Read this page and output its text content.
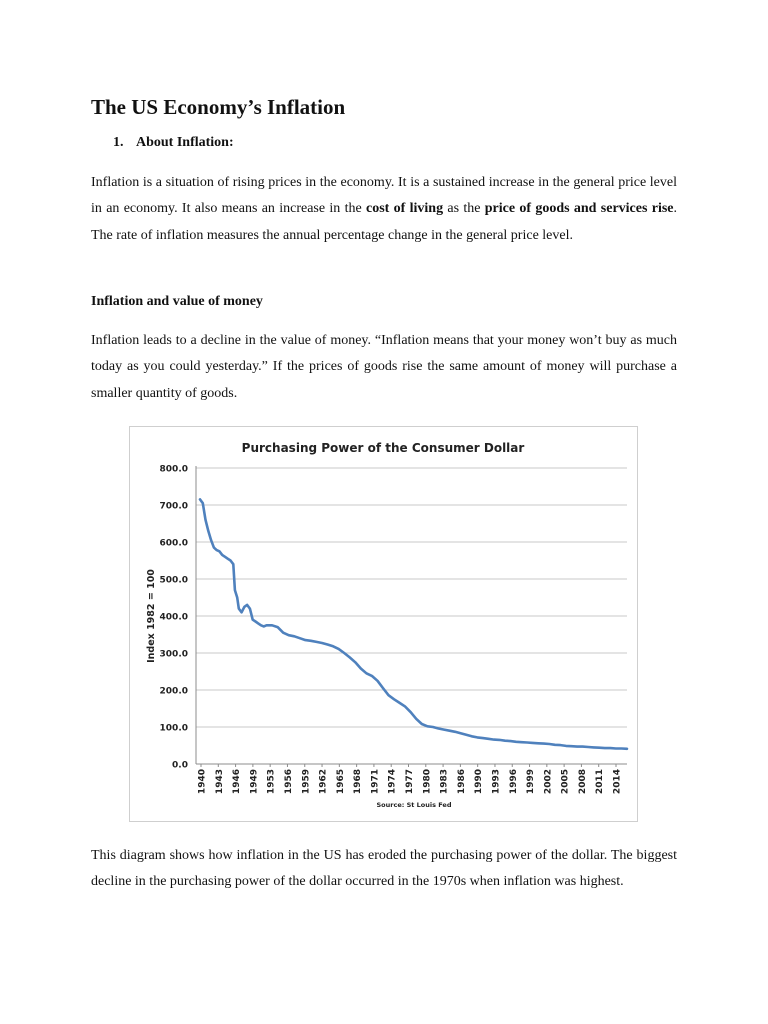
The US Economy’s Inflation
1. About Inflation:

Inflation is a situation of rising prices in the economy. It is a sustained increase in the general price level in an economy. It also means an increase in the cost of living as the price of goods and services rise. The rate of inflation measures the annual percentage change in the general price level.

Inflation and value of money

Inflation leads to a decline in the value of money. “Inflation means that your money won’t buy as much today as you could yesterday.” If the prices of goods rise the same amount of money will purchase a smaller quantity of goods.

Purchasing Power of the Consumer Dollar
800.0
700.0
600.0
500.0
400.0
300.0
200.0
100.0
0.0
Index 1982 = 100
1940 1943 1946 1949 1953 1956 1959 1962 1965 1968 1971 1974 1977 1980 1983 1986 1990 1993 1996 1999 2002 2005 2008 2011 2014
Source: St Louis Fed

This diagram shows how inflation in the US has eroded the purchasing power of the dollar. The biggest decline in the purchasing power of the dollar occurred in the 1970s when inflation was highest.
